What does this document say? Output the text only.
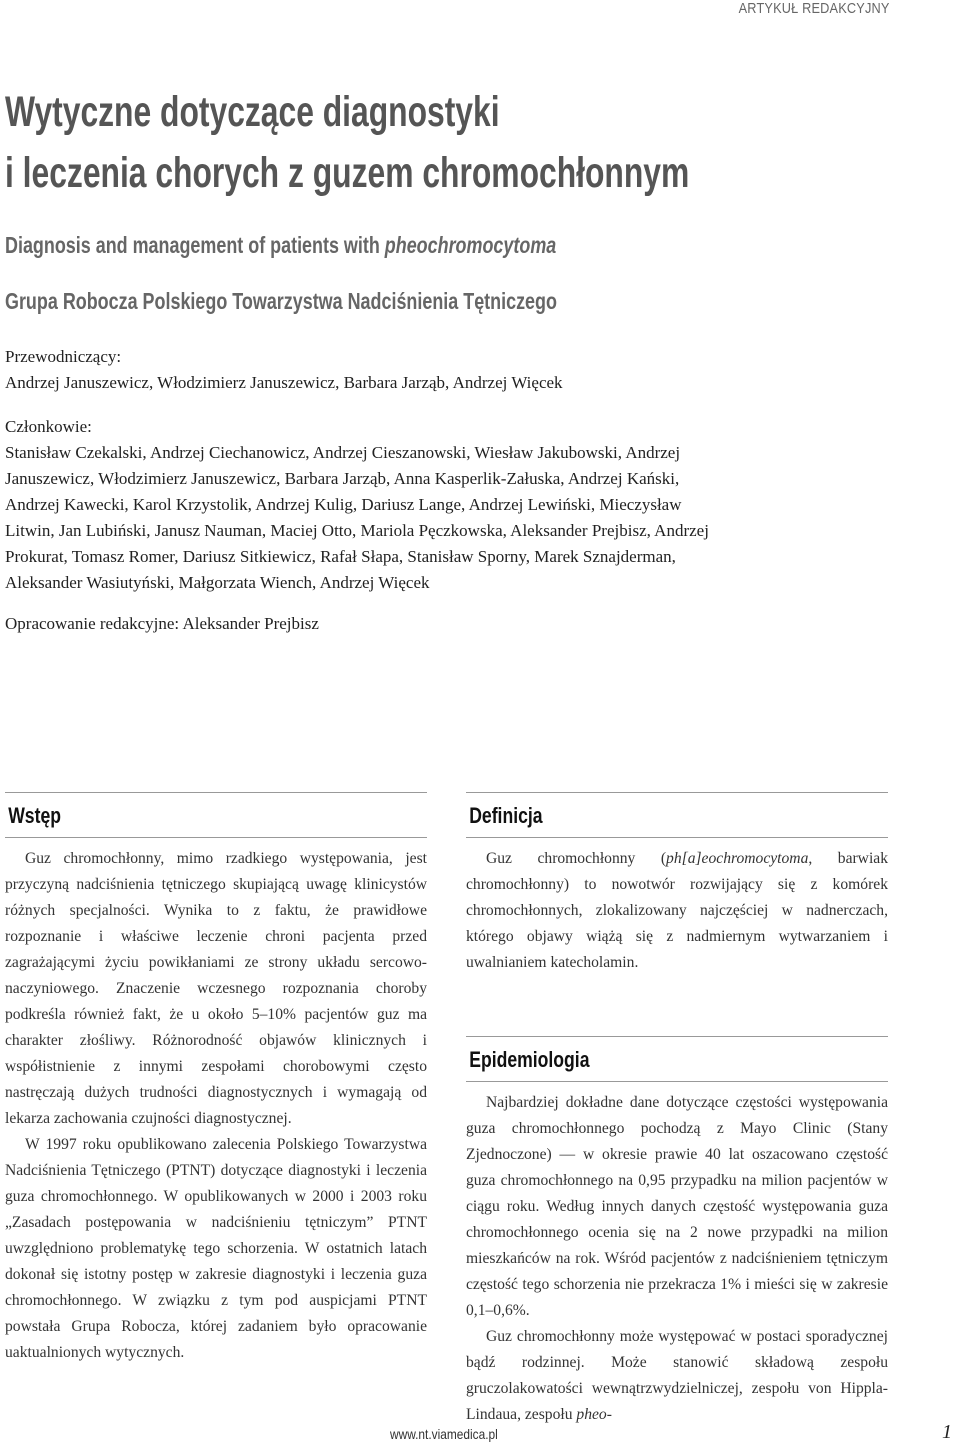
ARTYKUŁ REDAKCYJNY
Wytyczne dotyczące diagnostyki
i leczenia chorych z guzem chromochłonnym
Diagnosis and management of patients with pheochromocytoma
Grupa Robocza Polskiego Towarzystwa Nadciśnienia Tętniczego
Przewodniczący:
Andrzej Januszewicz, Włodzimierz Januszewicz, Barbara Jarząb, Andrzej Więcek
Członkowie:
Stanisław Czekalski, Andrzej Ciechanowicz, Andrzej Cieszanowski, Wiesław Jakubowski, Andrzej
Januszewicz, Włodzimierz Januszewicz, Barbara Jarząb, Anna Kasperlik-Załuska, Andrzej Kański,
Andrzej Kawecki, Karol Krzystolik, Andrzej Kulig, Dariusz Lange, Andrzej Lewiński, Mieczysław
Litwin, Jan Lubiński, Janusz Nauman, Maciej Otto, Mariola Pęczkowska, Aleksander Prejbisz, Andrzej
Prokurat, Tomasz Romer, Dariusz Sitkiewicz, Rafał Słapa, Stanisław Sporny, Marek Sznajderman,
Aleksander Wasiutyński, Małgorzata Wiench, Andrzej Więcek
Opracowanie redakcyjne: Aleksander Prejbisz
Wstęp

Guz chromochłonny, mimo rzadkiego występowania, jest przyczyną nadciśnienia tętniczego skupiającą uwagę klinicystów różnych specjalności. Wynika to z faktu, że prawidłowe rozpoznanie i właściwe leczenie chroni pacjenta przed zagrażającymi życiu powikłaniami ze strony układu sercowo-naczyniowego. Znaczenie wczesnego rozpoznania choroby podkreśla również fakt, że u około 5–10% pacjentów guz ma charakter złośliwy. Różnorodność objawów klinicznych i współistnienie z innymi zespołami chorobowymi często nastręczają dużych trudności diagnostycznych i wymagają od lekarza zachowania czujności diagnostycznej.

W 1997 roku opublikowano zalecenia Polskiego Towarzystwa Nadciśnienia Tętniczego (PTNT) dotyczące diagnostyki i leczenia guza chromochłonnego. W opublikowanych w 2000 i 2003 roku „Zasadach postępowania w nadciśnieniu tętniczym” PTNT uwzględniono problematykę tego schorzenia. W ostatnich latach dokonał się istotny postęp w zakresie diagnostyki i leczenia guza chromochłonnego. W związku z tym pod auspicjami PTNT powstała Grupa Robocza, której zadaniem było opracowanie uaktualnionych wytycznych.

Definicja

Guz chromochłonny (ph[a]eochromocytoma, barwiak chromochłonny) to nowotwór rozwijający się z komórek chromochłonnych, zlokalizowany najczęściej w nadnerczach, którego objawy wiążą się z nadmiernym wytwarzaniem i uwalnianiem katecholamin.

Epidemiologia

Najbardziej dokładne dane dotyczące częstości występowania guza chromochłonnego pochodzą z Mayo Clinic (Stany Zjednoczone) — w okresie prawie 40 lat oszacowano częstość guza chromochłonnego na 0,95 przypadku na milion pacjentów w ciągu roku. Według innych danych częstość występowania guza chromochłonnego ocenia się na 2 nowe przypadki na milion mieszkańców na rok. Wśród pacjentów z nadciśnieniem tętniczym częstość tego schorzenia nie przekracza 1% i mieści się w zakresie 0,1–0,6%.

Guz chromochłonny może występować w postaci sporadycznej bądź rodzinnej. Może stanowić składową zespołu gruczolakowatości wewnątrzwydzielniczej, zespołu von Hippla-Lindaua, zespołu pheo-

www.nt.viamedica.pl	1
